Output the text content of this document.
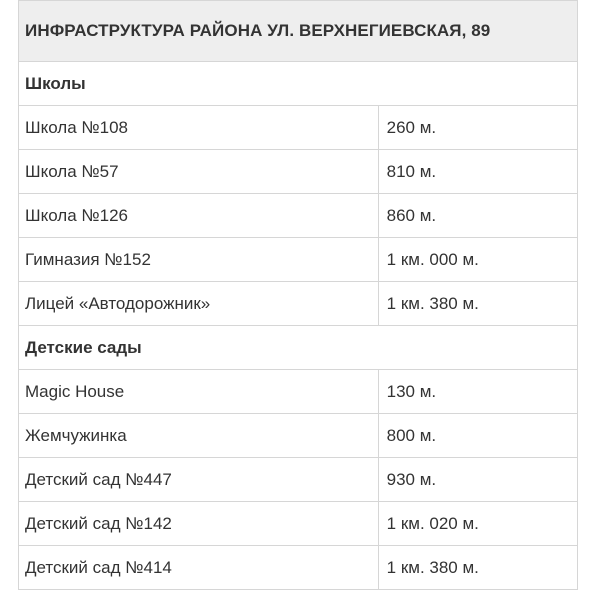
ИНФРАСТРУКТУРА РАЙОНА УЛ. ВЕРХНЕГИЕВСКАЯ, 89	
Школы	
Школа №108	260 м.
Школа №57	810 м.
Школа №126	860 м.
Гимназия №152	1 км. 000 м.
Лицей «Автодорожник»	1 км. 380 м.
Детские сады	
Magic House	130 м.
Жемчужинка	800 м.
Детский сад №447	930 м.
Детский сад №142	1 км. 020 м.
Детский сад №414	1 км. 380 м.
